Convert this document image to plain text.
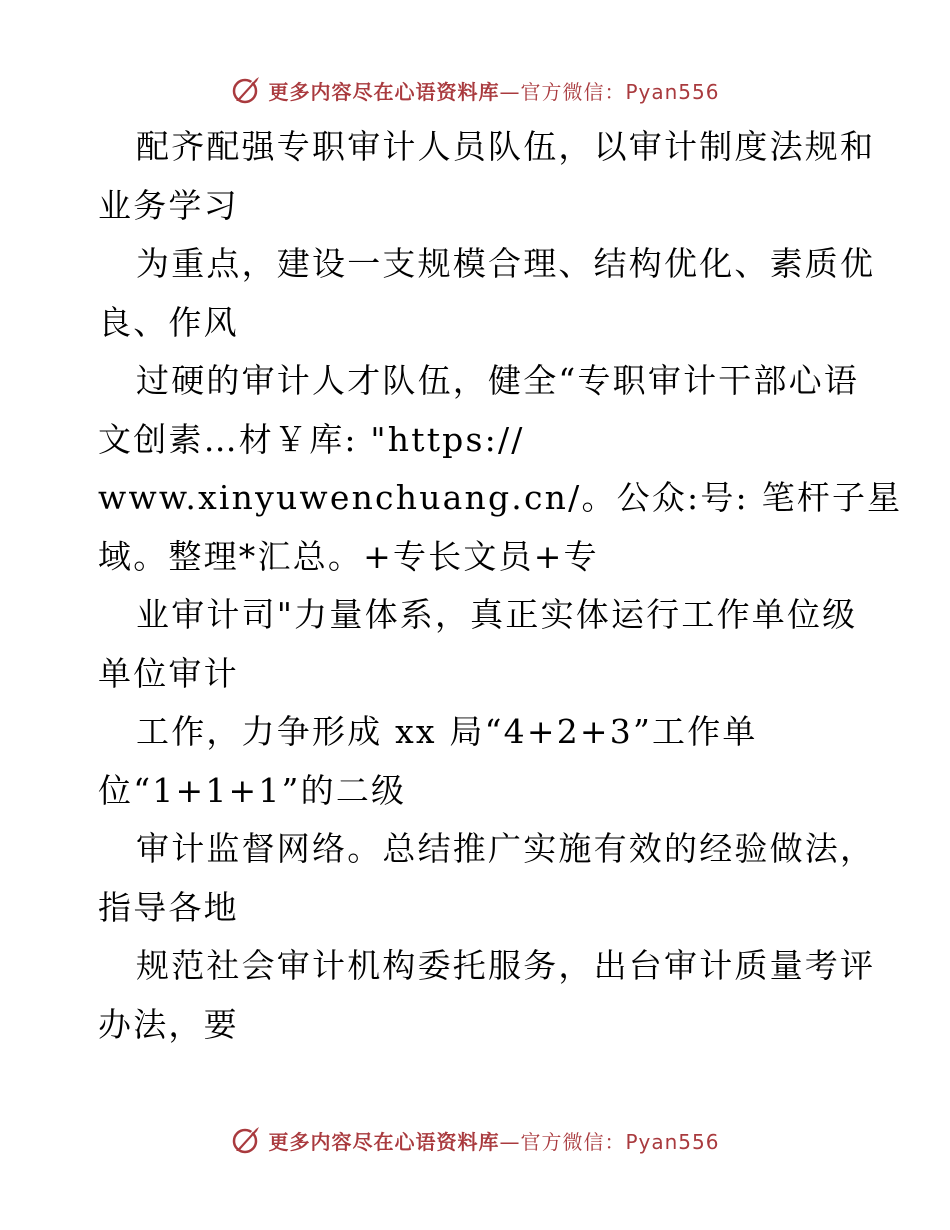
更多内容尽在心语资料库 —官方微信：Pyan556
配齐配强专职审计人员队伍，以审计制度法规和
业务学习
为重点，建设一支规模合理、结构优化、素质优
良、作风
过硬的审计人才队伍，健全“专职审计干部心语
文创素…材￥库: "https://
www.xinyuwenchuang.cn/。公众:号: 笔杆子星
域。整理*汇总。+专长文员+专
业审计司"力量体系，真正实体运行工作单位级
单位审计
工作，力争形成 xx 局“4+2+3”工作单
位“1+1+1”的二级
审计监督网络。总结推广实施有效的经验做法，
指导各地
规范社会审计机构委托服务，出台审计质量考评
办法，要
更多内容尽在心语资料库 —官方微信：Pyan556
